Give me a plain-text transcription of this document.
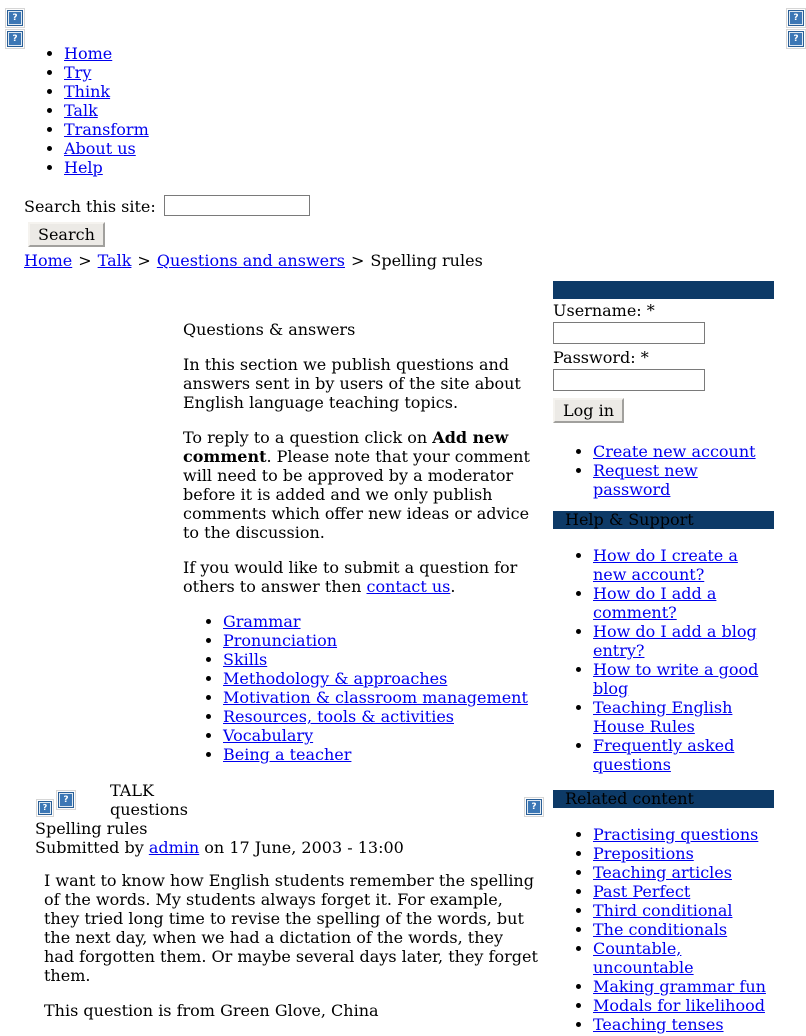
?
?
?
?
• Home
• Try
• Think
• Talk
• Transform
• About us
• Help
Search this site:
Search
Home > Talk > Questions and answers > Spelling rules
Questions & answers

In this section we publish questions and answers sent in by users of the site about English language teaching topics.

To reply to a question click on Add new comment. Please note that your comment will need to be approved by a moderator before it is added and we only publish comments which offer new ideas or advice to the discussion.

If you would like to submit a question for others to answer then contact us.

• Grammar
• Pronunciation
• Skills
• Methodology & approaches
• Motivation & classroom management
• Resources, tools & activities
• Vocabulary
• Being a teacher
Username: *
Password: *
Log in
• Create new account
• Request new password
Help & Support
• How do I create a new account?
• How do I add a comment?
• How do I add a blog entry?
• How to write a good blog
• Teaching English House Rules
• Frequently asked questions
Related content
• Practising questions
• Prepositions
• Teaching articles
• Past Perfect
• Third conditional
• The conditionals
• Countable, uncountable
• Making grammar fun
• Modals for likelihood
• Teaching tenses
?
?	TALK questions	?
Spelling rules
Submitted by admin on 17 June, 2003 - 13:00

I want to know how English students remember the spelling of the words. My students always forget it. For example, they tried long time to revise the spelling of the words, but the next day, when we had a dictation of the words, they had forgotten them. Or maybe several days later, they forget them.

This question is from Green Glove, China
